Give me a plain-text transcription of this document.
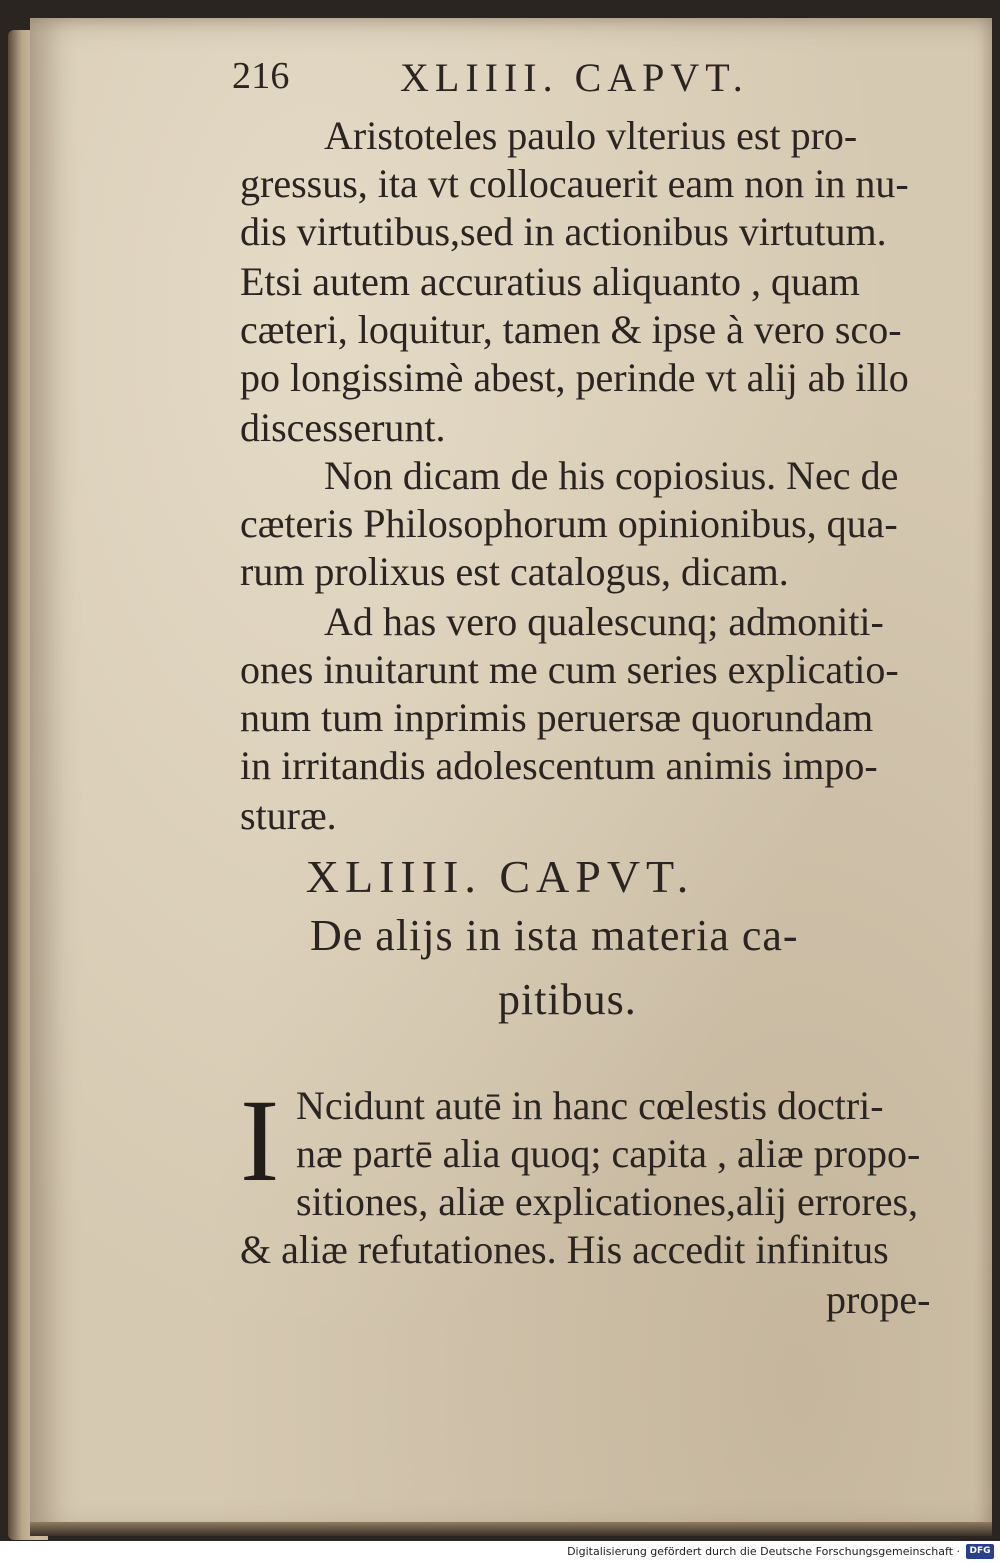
216	XLIIII. CAPVT.
Aristoteles paulo vlterius est pro-
gressus, ita vt collocauerit eam non in nu-
dis virtutibus,sed in actionibus virtutum.
Etsi autem accuratius aliquanto , quam
cæteri, loquitur, tamen & ipse à vero sco-
po longissimè abest, perinde vt alij ab illo
discesserunt.
Non dicam de his copiosius. Nec de
cæteris Philosophorum opinionibus, qua-
rum prolixus est catalogus, dicam.
Ad has vero qualescunq; admoniti-
ones inuitarunt me cum series explicatio-
num tum inprimis peruersæ quorundam
in irritandis adolescentum animis impo-
sturæ.
XLIIII. CAPVT.
De alijs in ista materia ca-
pitibus.
I Ncidunt autē in hanc cœlestis doctri-
næ partē alia quoq; capita , aliæ propo-
sitiones, aliæ explicationes,alij errores,
& aliæ refutationes. His accedit infinitus
prope-
Digitalisierung gefördert durch die Deutsche Forschungsgemeinschaft ·	DFG
